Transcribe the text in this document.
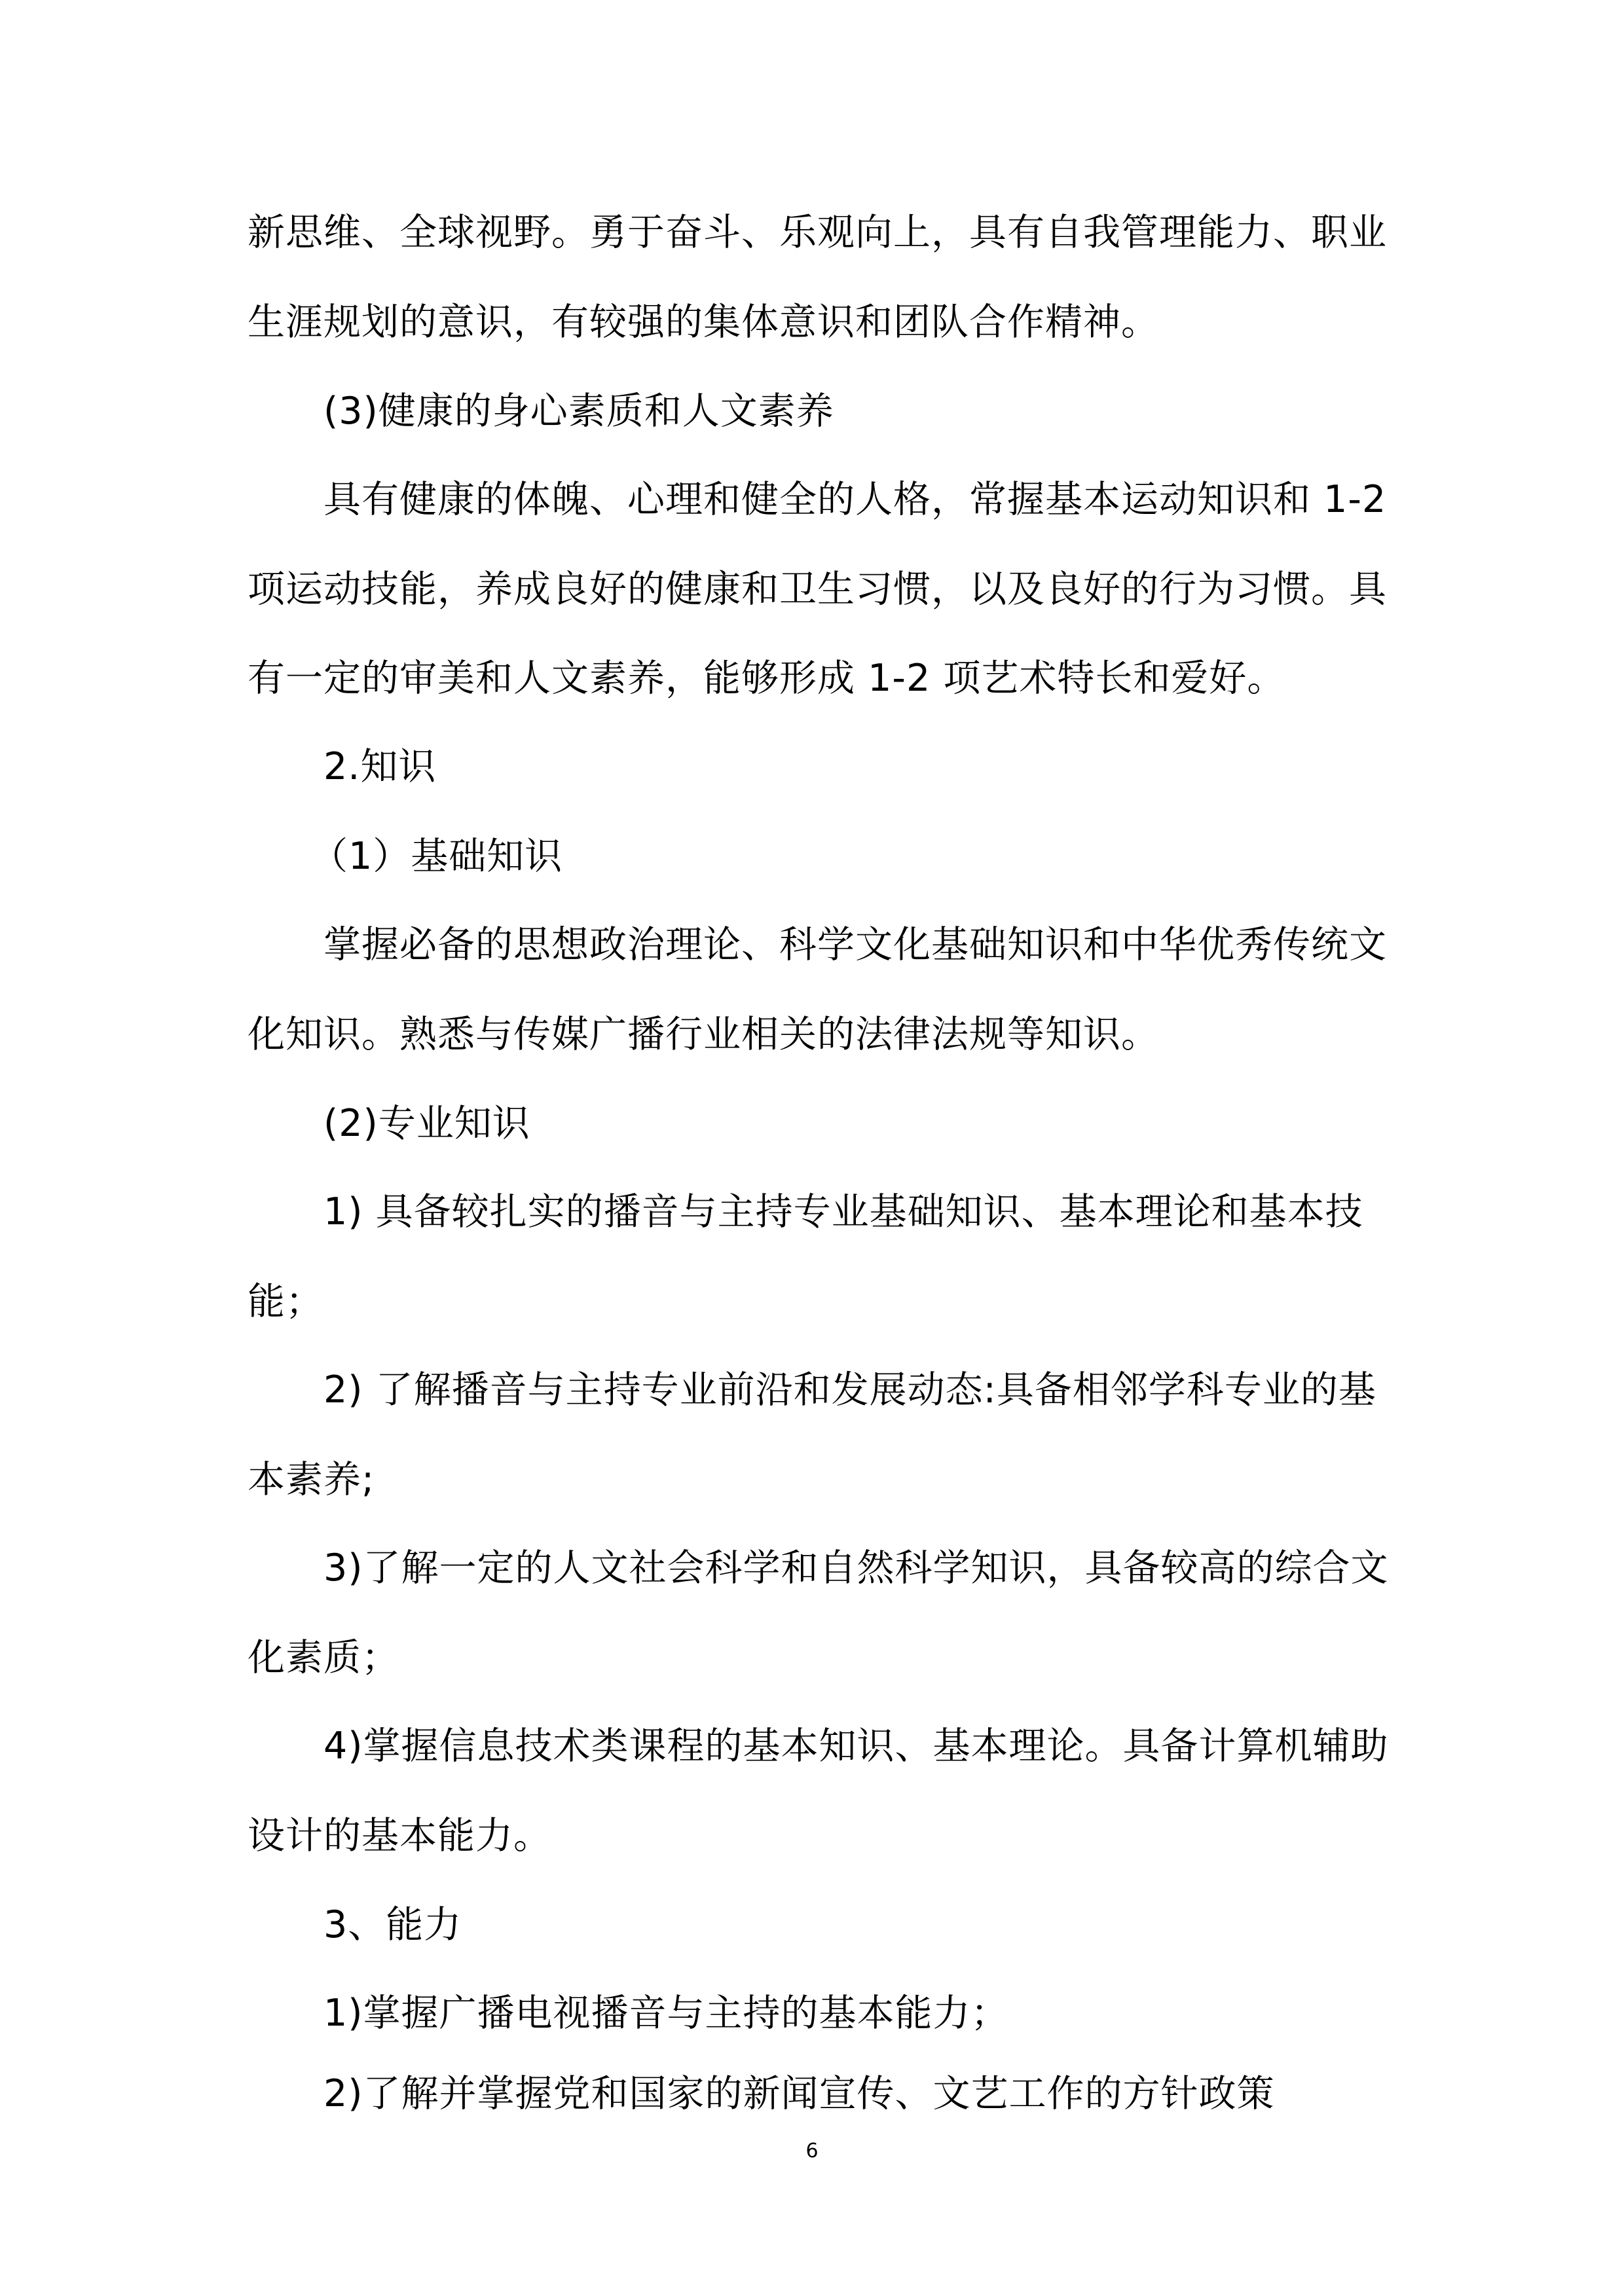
新思维、全球视野。勇于奋斗、乐观向上，具有自我管理能力、职业
生涯规划的意识，有较强的集体意识和团队合作精神。
(3)健康的身心素质和人文素养
具有健康的体魄、心理和健全的人格，常握基本运动知识和 1-2
项运动技能，养成良好的健康和卫生习惯，以及良好的行为习惯。具
有一定的审美和人文素养，能够形成 1-2 项艺术特长和爱好。
2.知识
（1）基础知识
掌握必备的思想政治理论、科学文化基础知识和中华优秀传统文
化知识。熟悉与传媒广播行业相关的法律法规等知识。
(2)专业知识
1) 具备较扎实的播音与主持专业基础知识、基本理论和基本技
能；
2) 了解播音与主持专业前沿和发展动态:具备相邻学科专业的基
本素养;
3)了解一定的人文社会科学和自然科学知识，具备较高的综合文
化素质；
4)掌握信息技术类课程的基本知识、基本理论。具备计算机辅助
设计的基本能力。
3、能力
1)掌握广播电视播音与主持的基本能力；
2)了解并掌握党和国家的新闻宣传、文艺工作的方针政策
6
